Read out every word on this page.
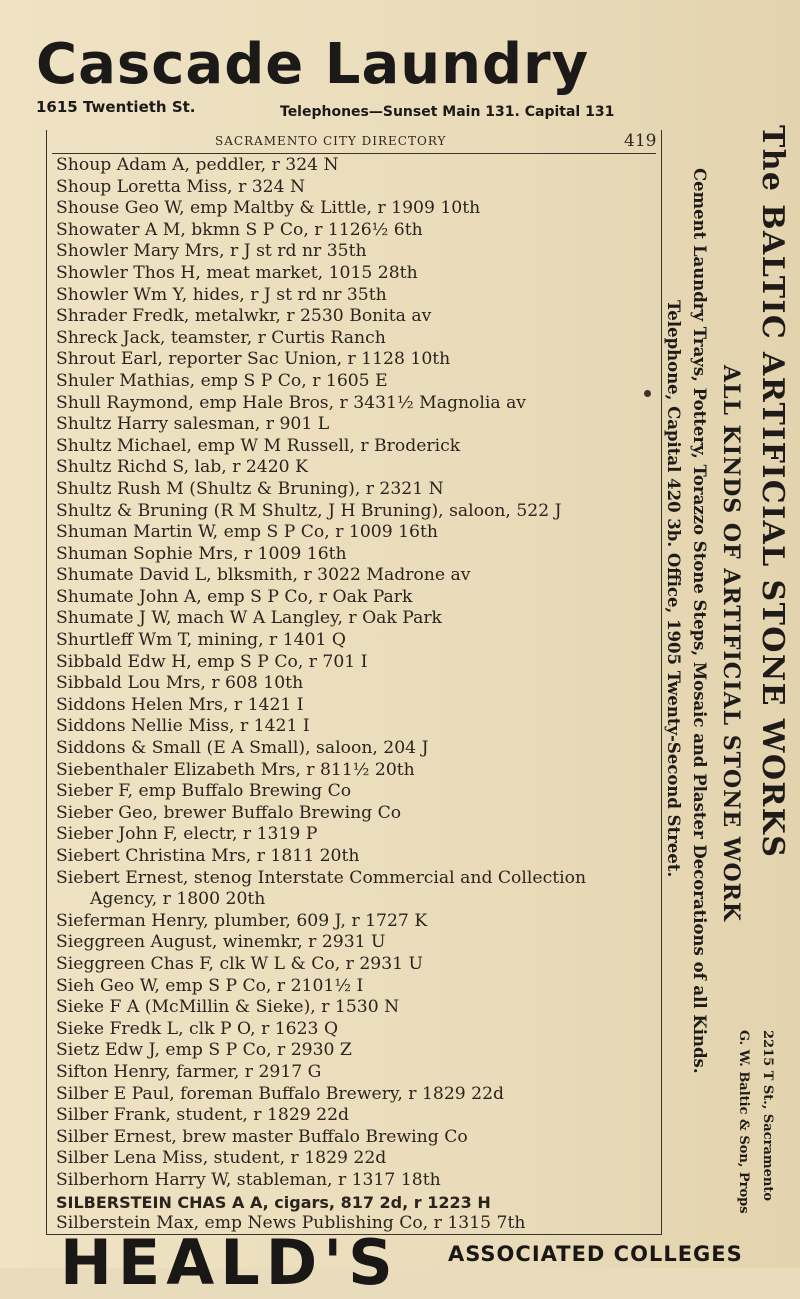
Cascade Laundry
1615 Twentieth St.	Telephones—Sunset Main 131. Capital 131
SACRAMENTO CITY DIRECTORY	419
Shoup Adam A, peddler, r 324 N
Shoup Loretta Miss, r 324 N
Shouse Geo W, emp Maltby & Little, r 1909 10th
Showater A M, bkmn S P Co, r 1126½ 6th
Showler Mary Mrs, r J st rd nr 35th
Showler Thos H, meat market, 1015 28th
Showler Wm Y, hides, r J st rd nr 35th
Shrader Fredk, metalwkr, r 2530 Bonita av
Shreck Jack, teamster, r Curtis Ranch
Shrout Earl, reporter Sac Union, r 1128 10th
Shuler Mathias, emp S P Co, r 1605 E
Shull Raymond, emp Hale Bros, r 3431½ Magnolia av
Shultz Harry salesman, r 901 L
Shultz Michael, emp W M Russell, r Broderick
Shultz Richd S, lab, r 2420 K
Shultz Rush M (Shultz & Bruning), r 2321 N
Shultz & Bruning (R M Shultz, J H Bruning), saloon, 522 J
Shuman Martin W, emp S P Co, r 1009 16th
Shuman Sophie Mrs, r 1009 16th
Shumate David L, blksmith, r 3022 Madrone av
Shumate John A, emp S P Co, r Oak Park
Shumate J W, mach W A Langley, r Oak Park
Shurtleff Wm T, mining, r 1401 Q
Sibbald Edw H, emp S P Co, r 701 I
Sibbald Lou Mrs, r 608 10th
Siddons Helen Mrs, r 1421 I
Siddons Nellie Miss, r 1421 I
Siddons & Small (E A Small), saloon, 204 J
Siebenthaler Elizabeth Mrs, r 811½ 20th
Sieber F, emp Buffalo Brewing Co
Sieber Geo, brewer Buffalo Brewing Co
Sieber John F, electr, r 1319 P
Siebert Christina Mrs, r 1811 20th
Siebert Ernest, stenog Interstate Commercial and Collection
Agency, r 1800 20th
Sieferman Henry, plumber, 609 J, r 1727 K
Sieggreen August, winemkr, r 2931 U
Sieggreen Chas F, clk W L & Co, r 2931 U
Sieh Geo W, emp S P Co, r 2101½ I
Sieke F A (McMillin & Sieke), r 1530 N
Sieke Fredk L, clk P O, r 1623 Q
Sietz Edw J, emp S P Co, r 2930 Z
Sifton Henry, farmer, r 2917 G
Silber E Paul, foreman Buffalo Brewery, r 1829 22d
Silber Frank, student, r 1829 22d
Silber Ernest, brew master Buffalo Brewing Co
Silber Lena Miss, student, r 1829 22d
Silberhorn Harry W, stableman, r 1317 18th
SILBERSTEIN CHAS A A, cigars, 817 2d, r 1223 H
Silberstein Max, emp News Publishing Co, r 1315 7th
The BALTIC ARTIFICIAL STONE WORKS
ALL KINDS OF ARTIFICIAL STONE WORK
Cement Laundry Trays, Pottery, Torazzo Stone Steps, Mosaic and Plaster Decorations of all Kinds.
Telephone, Capital 420 3b. Office, 1905 Twenty-Second Street.
2215 T St., Sacramento
G. W. Baltic & Son, Props
HEALD'S ASSOCIATED COLLEGES
